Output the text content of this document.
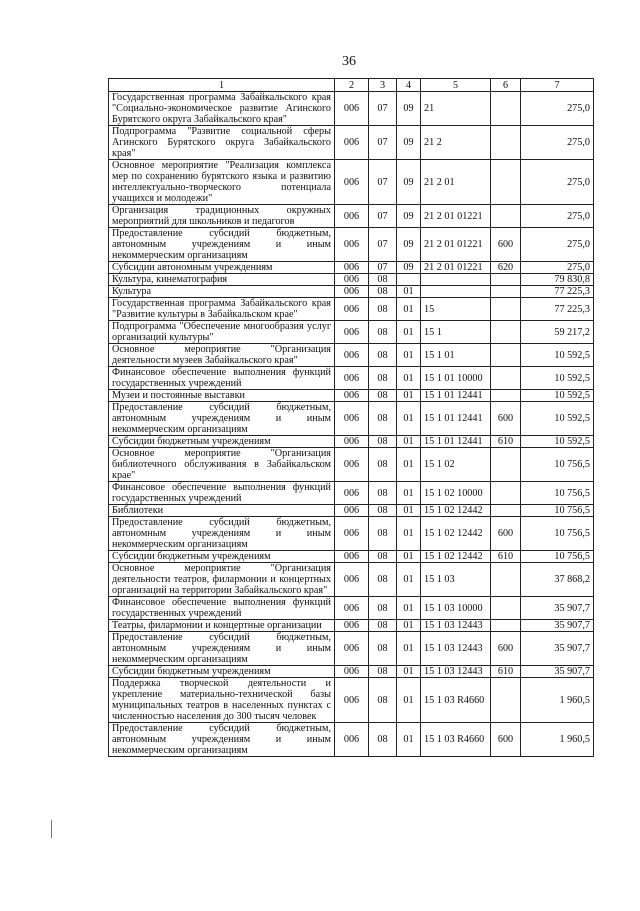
36
1	2	3	4	5	6	7
Государственная программа Забайкальского края "Социально-экономическое развитие Агинского Бурятского округа Забайкальского края"	006	07	09	21		275,0
Подпрограмма "Развитие социальной сферы Агинского Бурятского округа Забайкальского края"	006	07	09	21 2		275,0
Основное мероприятие "Реализация комплекса мер по сохранению бурятского языка и развитию интеллектуально-творческого потенциала учащихся и молодежи"	006	07	09	21 2 01		275,0
Организация традиционных окружных мероприятий для школьников и педагогов	006	07	09	21 2 01 01221		275,0
Предоставление субсидий бюджетным, автономным учреждениям и иным некоммерческим организациям	006	07	09	21 2 01 01221	600	275,0
Субсидии автономным учреждениям	006	07	09	21 2 01 01221	620	275,0
Культура, кинематография	006	08				79 830,8
Культура	006	08	01			77 225,3
Государственная программа Забайкальского края "Развитие культуры в Забайкальском крае"	006	08	01	15		77 225,3
Подпрограмма "Обеспечение многообразия услуг организаций культуры"	006	08	01	15 1		59 217,2
Основное мероприятие "Организация деятельности музеев Забайкальского края"	006	08	01	15 1 01		10 592,5
Финансовое обеспечение выполнения функций государственных учреждений	006	08	01	15 1 01 10000		10 592,5
Музеи и постоянные выставки	006	08	01	15 1 01 12441		10 592,5
Предоставление субсидий бюджетным, автономным учреждениям и иным некоммерческим организациям	006	08	01	15 1 01 12441	600	10 592,5
Субсидии бюджетным учреждениям	006	08	01	15 1 01 12441	610	10 592,5
Основное мероприятие "Организация библиотечного обслуживания в Забайкальском крае"	006	08	01	15 1 02		10 756,5
Финансовое обеспечение выполнения функций государственных учреждений	006	08	01	15 1 02 10000		10 756,5
Библиотеки	006	08	01	15 1 02 12442		10 756,5
Предоставление субсидий бюджетным, автономным учреждениям и иным некоммерческим организациям	006	08	01	15 1 02 12442	600	10 756,5
Субсидии бюджетным учреждениям	006	08	01	15 1 02 12442	610	10 756,5
Основное мероприятие "Организация деятельности театров, филармонии и концертных организаций на территории Забайкальского края"	006	08	01	15 1 03		37 868,2
Финансовое обеспечение выполнения функций государственных учреждений	006	08	01	15 1 03 10000		35 907,7
Театры, филармонии и концертные организации	006	08	01	15 1 03 12443		35 907,7
Предоставление субсидий бюджетным, автономным учреждениям и иным некоммерческим организациям	006	08	01	15 1 03 12443	600	35 907,7
Субсидии бюджетным учреждениям	006	08	01	15 1 03 12443	610	35 907,7
Поддержка творческой деятельности и укрепление материально-технической базы муниципальных театров в населенных пунктах с численностью населения до 300 тысяч человек	006	08	01	15 1 03 R4660		1 960,5
Предоставление субсидий бюджетным, автономным учреждениям и иным некоммерческим организациям	006	08	01	15 1 03 R4660	600	1 960,5
